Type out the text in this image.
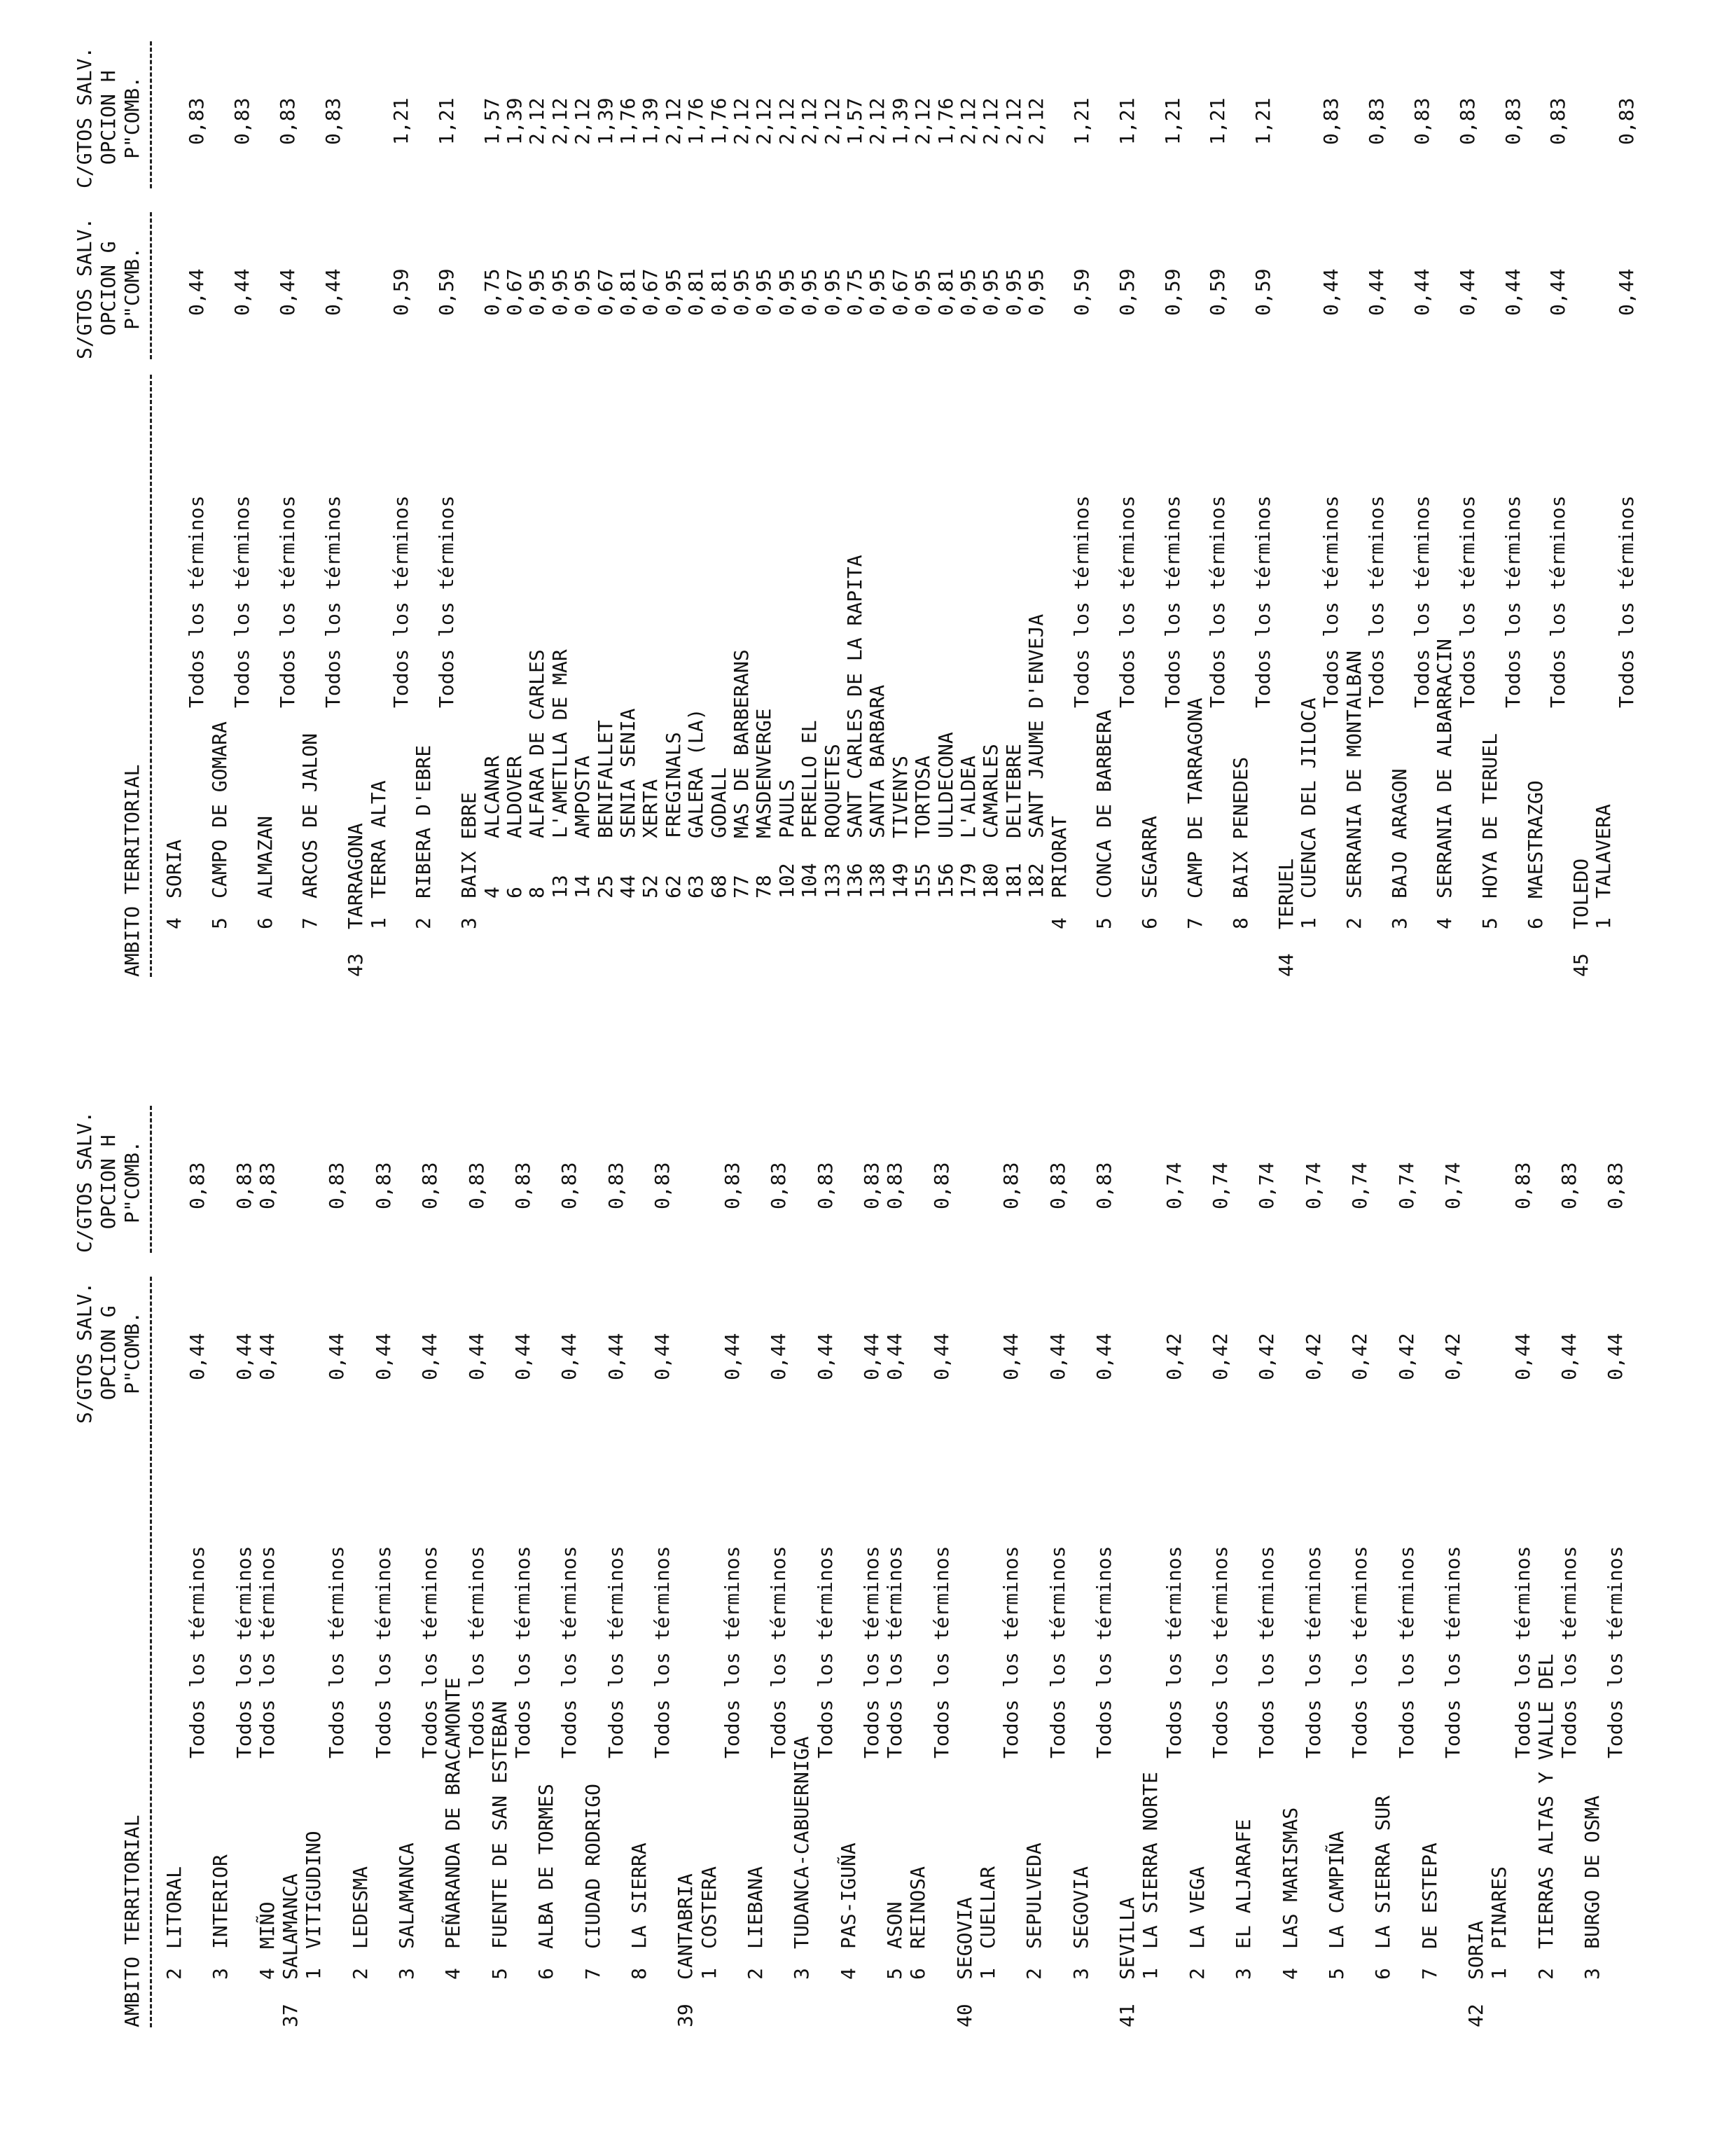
AMBITO TERRITORIAL
S/GTOS SALV. OPCION G P"COMB.
C/GTOS SALV. OPCION H P"COMB.
2
LITORAL
Todos los términos
0,44
0,83
3
INTERIOR
Todos los términos
0,44
0,83
4
MIÑO
Todos los términos
0,44
0,83
37
SALAMANCA 1
VITIGUDINO
Todos los términos
0,44
0,83
2
LEDESMA
Todos los términos
0,44
0,83
3
SALAMANCA
Todos los términos
0,44
0,83
4
PEÑARANDA DE BRACAMONTE
Todos los términos
0,44
0,83
5
FUENTE DE SAN ESTEBAN
Todos los términos
0,44
0,83
6
ALBA DE TORMES
Todos los términos
0,44
0,83
7
CIUDAD RODRIGO
Todos los términos
0,44
0,83
8
LA SIERRA
Todos los términos
0,44
0,83
39
CANTABRIA 1
COSTERA
Todos los términos
0,44
0,83
2
LIEBANA
Todos los términos
0,44
0,83
3
TUDANCA-CABUERNIGA
Todos los términos
0,44
0,83
4
PAS-IGUÑA
Todos los términos
0,44
0,83
5
ASON
Todos los términos
0,44
0,83
6
REINOSA
Todos los términos
0,44
0,83
40
SEGOVIA 1
CUELLAR
Todos los términos
0,44
0,83
2
SEPULVEDA
Todos los términos
0,44
0,83
3
SEGOVIA
Todos los términos
0,44
0,83
41
SEVILLA 1
LA SIERRA NORTE
Todos los términos
0,42
0,74
2
LA VEGA
Todos los términos
0,42
0,74
3
EL ALJARAFE
Todos los términos
0,42
0,74
4
LAS MARISMAS
Todos los términos
0,42
0,74
5
LA CAMPIÑA
Todos los términos
0,42
0,74
6
LA SIERRA SUR
Todos los términos
0,42
0,74
7
DE ESTEPA
Todos los términos
0,42
0,74
42
SORIA 1
PINARES
Todos los términos
0,44
0,83
2
TIERRAS ALTAS Y VALLE DEL
Todos los términos
0,44
0,83
3
BURGO DE OSMA
Todos los términos
0,44
0,83
AMBITO TERRITORIAL
S/GTOS SALV. OPCION G P"COMB.
C/GTOS SALV. OPCION H P"COMB.
4
SORIA
Todos los términos
0,44
0,83
5
CAMPO DE GOMARA
Todos los términos
0,44
0,83
6
ALMAZAN
Todos los términos
0,44
0,83
7
ARCOS DE JALON
Todos los términos
0,44
0,83
43
TARRAGONA 1
TERRA ALTA
Todos los términos
0,59
1,21
2
RIBERA D'EBRE
Todos los términos
0,59
1,21
3
BAIX EBRE 4
ALCANAR
0,75
1,57
6
ALDOVER
0,67
1,39
8
ALFARA DE CARLES
0,95
2,12
13
L'AMETLLA DE MAR
0,95
2,12
14
AMPOSTA
0,95
2,12
25
BENIFALLET
0,67
1,39
44
SENIA SENIA
0,81
1,76
52
XERTA
0,67
1,39
62
FREGINALS
0,95
2,12
63
GALERA (LA)
0,81
1,76
68
GODALL
0,81
1,76
77
MAS DE BARBERANS
0,95
2,12
78
MASDENVERGE
0,95
2,12
102
PAULS
0,95
2,12
104
PERELLO EL
0,95
2,12
133
ROQUETES
0,95
2,12
136
SANT CARLES DE LA RAPITA
0,75
1,57
138
SANTA BARBARA
0,95
2,12
149
TIVENYS
0,67
1,39
155
TORTOSA
0,95
2,12
156
ULLDECONA
0,81
1,76
179
L'ALDEA
0,95
2,12
180
CAMARLES
0,95
2,12
181
DELTEBRE
0,95
2,12
182
SANT JAUME D'ENVEJA
0,95
2,12
4
PRIORAT
Todos los términos
0,59
1,21
5
CONCA DE BARBERA
Todos los términos
0,59
1,21
6
SEGARRA
Todos los términos
0,59
1,21
7
CAMP DE TARRAGONA
Todos los términos
0,59
1,21
8
BAIX PENEDES
Todos los términos
0,59
1,21
44
TERUEL 1
CUENCA DEL JILOCA
Todos los términos
0,44
0,83
2
SERRANIA DE MONTALBAN
Todos los términos
0,44
0,83
3
BAJO ARAGON
Todos los términos
0,44
0,83
4
SERRANIA DE ALBARRACIN
Todos los términos
0,44
0,83
5
HOYA DE TERUEL
Todos los términos
0,44
0,83
6
MAESTRAZGO
Todos los términos
0,44
0,83
45
TOLEDO 1
TALAVERA
Todos los términos
0,44
0,83
